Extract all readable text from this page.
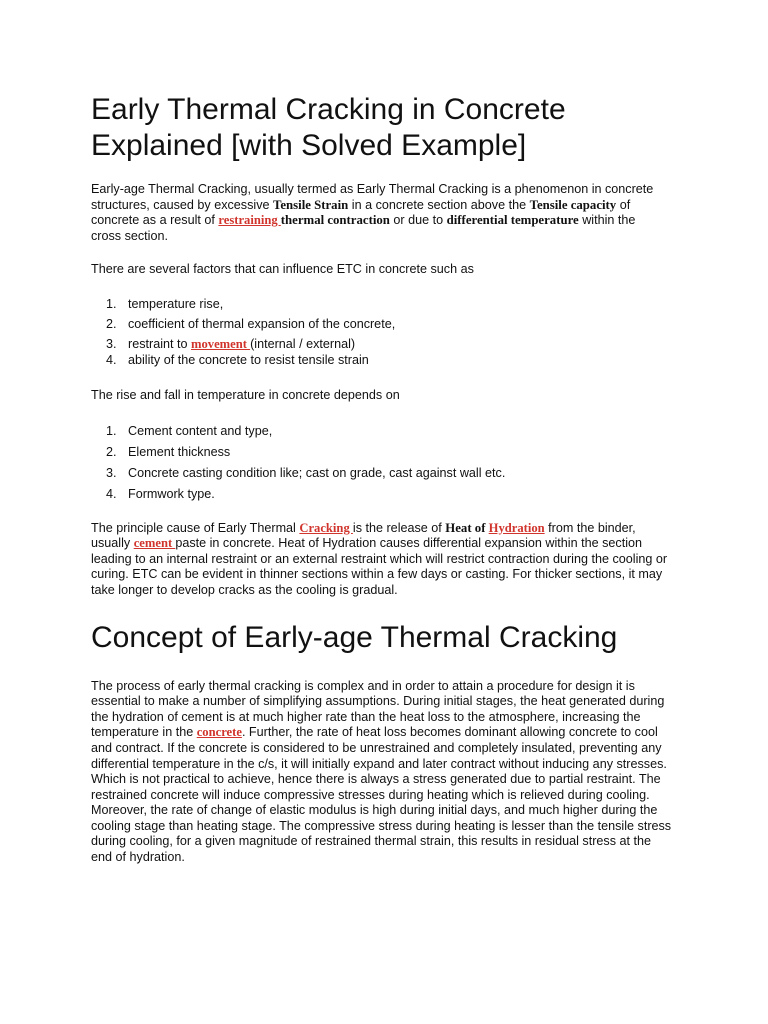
Early Thermal Cracking in Concrete Explained [with Solved Example]

Early-age Thermal Cracking, usually termed as Early Thermal Cracking is a phenomenon in concrete structures, caused by excessive Tensile Strain in a concrete section above the Tensile capacity of concrete as a result of restraining thermal contraction or due to differential temperature within the cross section.

There are several factors that can influence ETC in concrete such as

1. temperature rise,
2. coefficient of thermal expansion of the concrete,
3. restraint to movement (internal / external)
4. ability of the concrete to resist tensile strain

The rise and fall in temperature in concrete depends on

1. Cement content and type,
2. Element thickness
3. Concrete casting condition like; cast on grade, cast against wall etc.
4. Formwork type.

The principle cause of Early Thermal Cracking is the release of Heat of Hydration from the binder, usually cement paste in concrete. Heat of Hydration causes differential expansion within the section leading to an internal restraint or an external restraint which will restrict contraction during the cooling or curing. ETC can be evident in thinner sections within a few days or casting. For thicker sections, it may take longer to develop cracks as the cooling is gradual.

Concept of Early-age Thermal Cracking

The process of early thermal cracking is complex and in order to attain a procedure for design it is essential to make a number of simplifying assumptions. During initial stages, the heat generated during the hydration of cement is at much higher rate than the heat loss to the atmosphere, increasing the temperature in the concrete. Further, the rate of heat loss becomes dominant allowing concrete to cool and contract. If the concrete is considered to be unrestrained and completely insulated, preventing any differential temperature in the c/s, it will initially expand and later contract without inducing any stresses. Which is not practical to achieve, hence there is always a stress generated due to partial restraint. The restrained concrete will induce compressive stresses during heating which is relieved during cooling. Moreover, the rate of change of elastic modulus is high during initial days, and much higher during the cooling stage than heating stage. The compressive stress during heating is lesser than the tensile stress during cooling, for a given magnitude of restrained thermal strain, this results in residual stress at the end of hydration.
